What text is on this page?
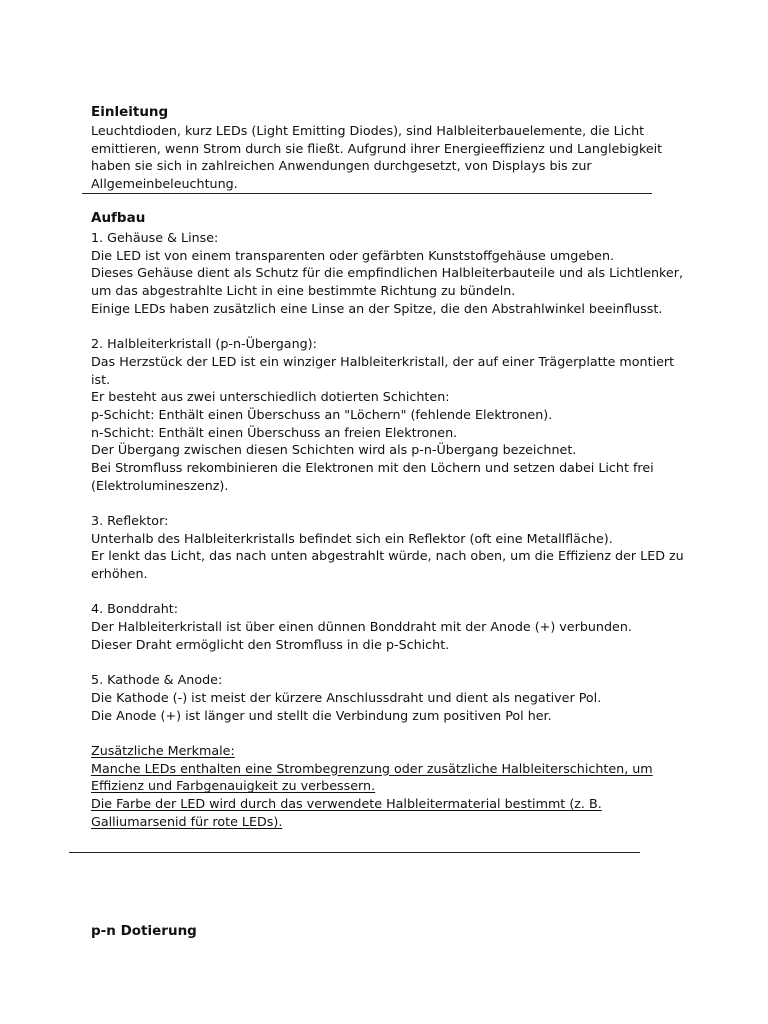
Einleitung
Leuchtdioden, kurz LEDs (Light Emitting Diodes), sind Halbleiterbauelemente, die Licht
emittieren, wenn Strom durch sie fließt. Aufgrund ihrer Energieeffizienz und Langlebigkeit
haben sie sich in zahlreichen Anwendungen durchgesetzt, von Displays bis zur
Allgemeinbeleuchtung.
Aufbau
1. Gehäuse & Linse:
Die LED ist von einem transparenten oder gefärbten Kunststoffgehäuse umgeben.
Dieses Gehäuse dient als Schutz für die empfindlichen Halbleiterbauteile und als Lichtlenker,
um das abgestrahlte Licht in eine bestimmte Richtung zu bündeln.
Einige LEDs haben zusätzlich eine Linse an der Spitze, die den Abstrahlwinkel beeinflusst.
2. Halbleiterkristall (p-n-Übergang):
Das Herzstück der LED ist ein winziger Halbleiterkristall, der auf einer Trägerplatte montiert
ist.
Er besteht aus zwei unterschiedlich dotierten Schichten:
p-Schicht: Enthält einen Überschuss an "Löchern" (fehlende Elektronen).
n-Schicht: Enthält einen Überschuss an freien Elektronen.
Der Übergang zwischen diesen Schichten wird als p-n-Übergang bezeichnet.
Bei Stromfluss rekombinieren die Elektronen mit den Löchern und setzen dabei Licht frei
(Elektrolumineszenz).
3. Reflektor:
Unterhalb des Halbleiterkristalls befindet sich ein Reflektor (oft eine Metallfläche).
Er lenkt das Licht, das nach unten abgestrahlt würde, nach oben, um die Effizienz der LED zu
erhöhen.
4. Bonddraht:
Der Halbleiterkristall ist über einen dünnen Bonddraht mit der Anode (+) verbunden.
Dieser Draht ermöglicht den Stromfluss in die p-Schicht.
5. Kathode & Anode:
Die Kathode (-) ist meist der kürzere Anschlussdraht und dient als negativer Pol.
Die Anode (+) ist länger und stellt die Verbindung zum positiven Pol her.
Zusätzliche Merkmale:
Manche LEDs enthalten eine Strombegrenzung oder zusätzliche Halbleiterschichten, um
Effizienz und Farbgenauigkeit zu verbessern.
Die Farbe der LED wird durch das verwendete Halbleitermaterial bestimmt (z. B.
Galliumarsenid für rote LEDs).
p-n Dotierung
